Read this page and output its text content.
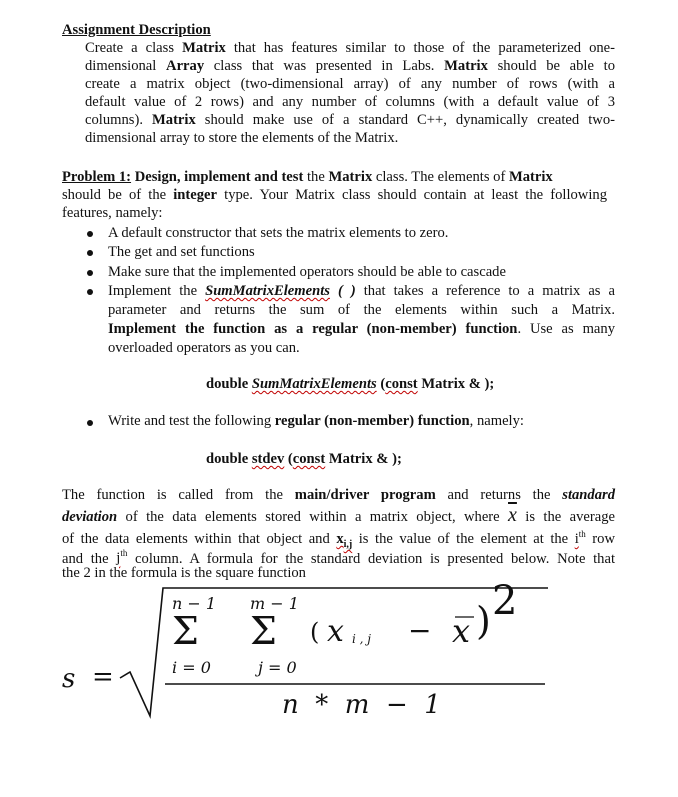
Assignment Description
Create a class Matrix that has features similar to those of the parameterized one-
dimensional Array class that was presented in Labs. Matrix should be able to
create a matrix object (two-dimensional array) of any number of rows (with a
default value of 2 rows) and any number of columns (with a default value of 3
columns). Matrix should make use of a standard C++, dynamically created two-
dimensional array to store the elements of the Matrix.
Problem 1: Design, implement and test the Matrix class. The elements of Matrix
should be of the integer type. Your Matrix class should contain at least the following
features, namely:
A default constructor that sets the matrix elements to zero.
The get and set functions
Make sure that the implemented operators should be able to cascade
Implement the SumMatrixElements ( ) that takes a reference to a matrix as a
parameter and returns the sum of the elements within such a Matrix.
Implement the function as a regular (non-member) function. Use as many
overloaded operators as you can.
double SumMatrixElements (const Matrix & );
Write and test the following regular (non-member) function, namely:
double stdev (const Matrix & );
The function is called from the main/driver program and returns the standard
deviation of the data elements stored within a matrix object, where $\overline{x}$ is the average
of the data elements within that object and $x_{i,j}$ is the value of the element at the $i^{th}$ row
and the $j^{th}$ column. A formula for the standard deviation is presented below. Note that
the 2 in the formula is the square function
s =
n − 1
Σ
i = 0
m − 1
Σ
j = 0
( x i , j − x ) 2
n  *  m  −  1
